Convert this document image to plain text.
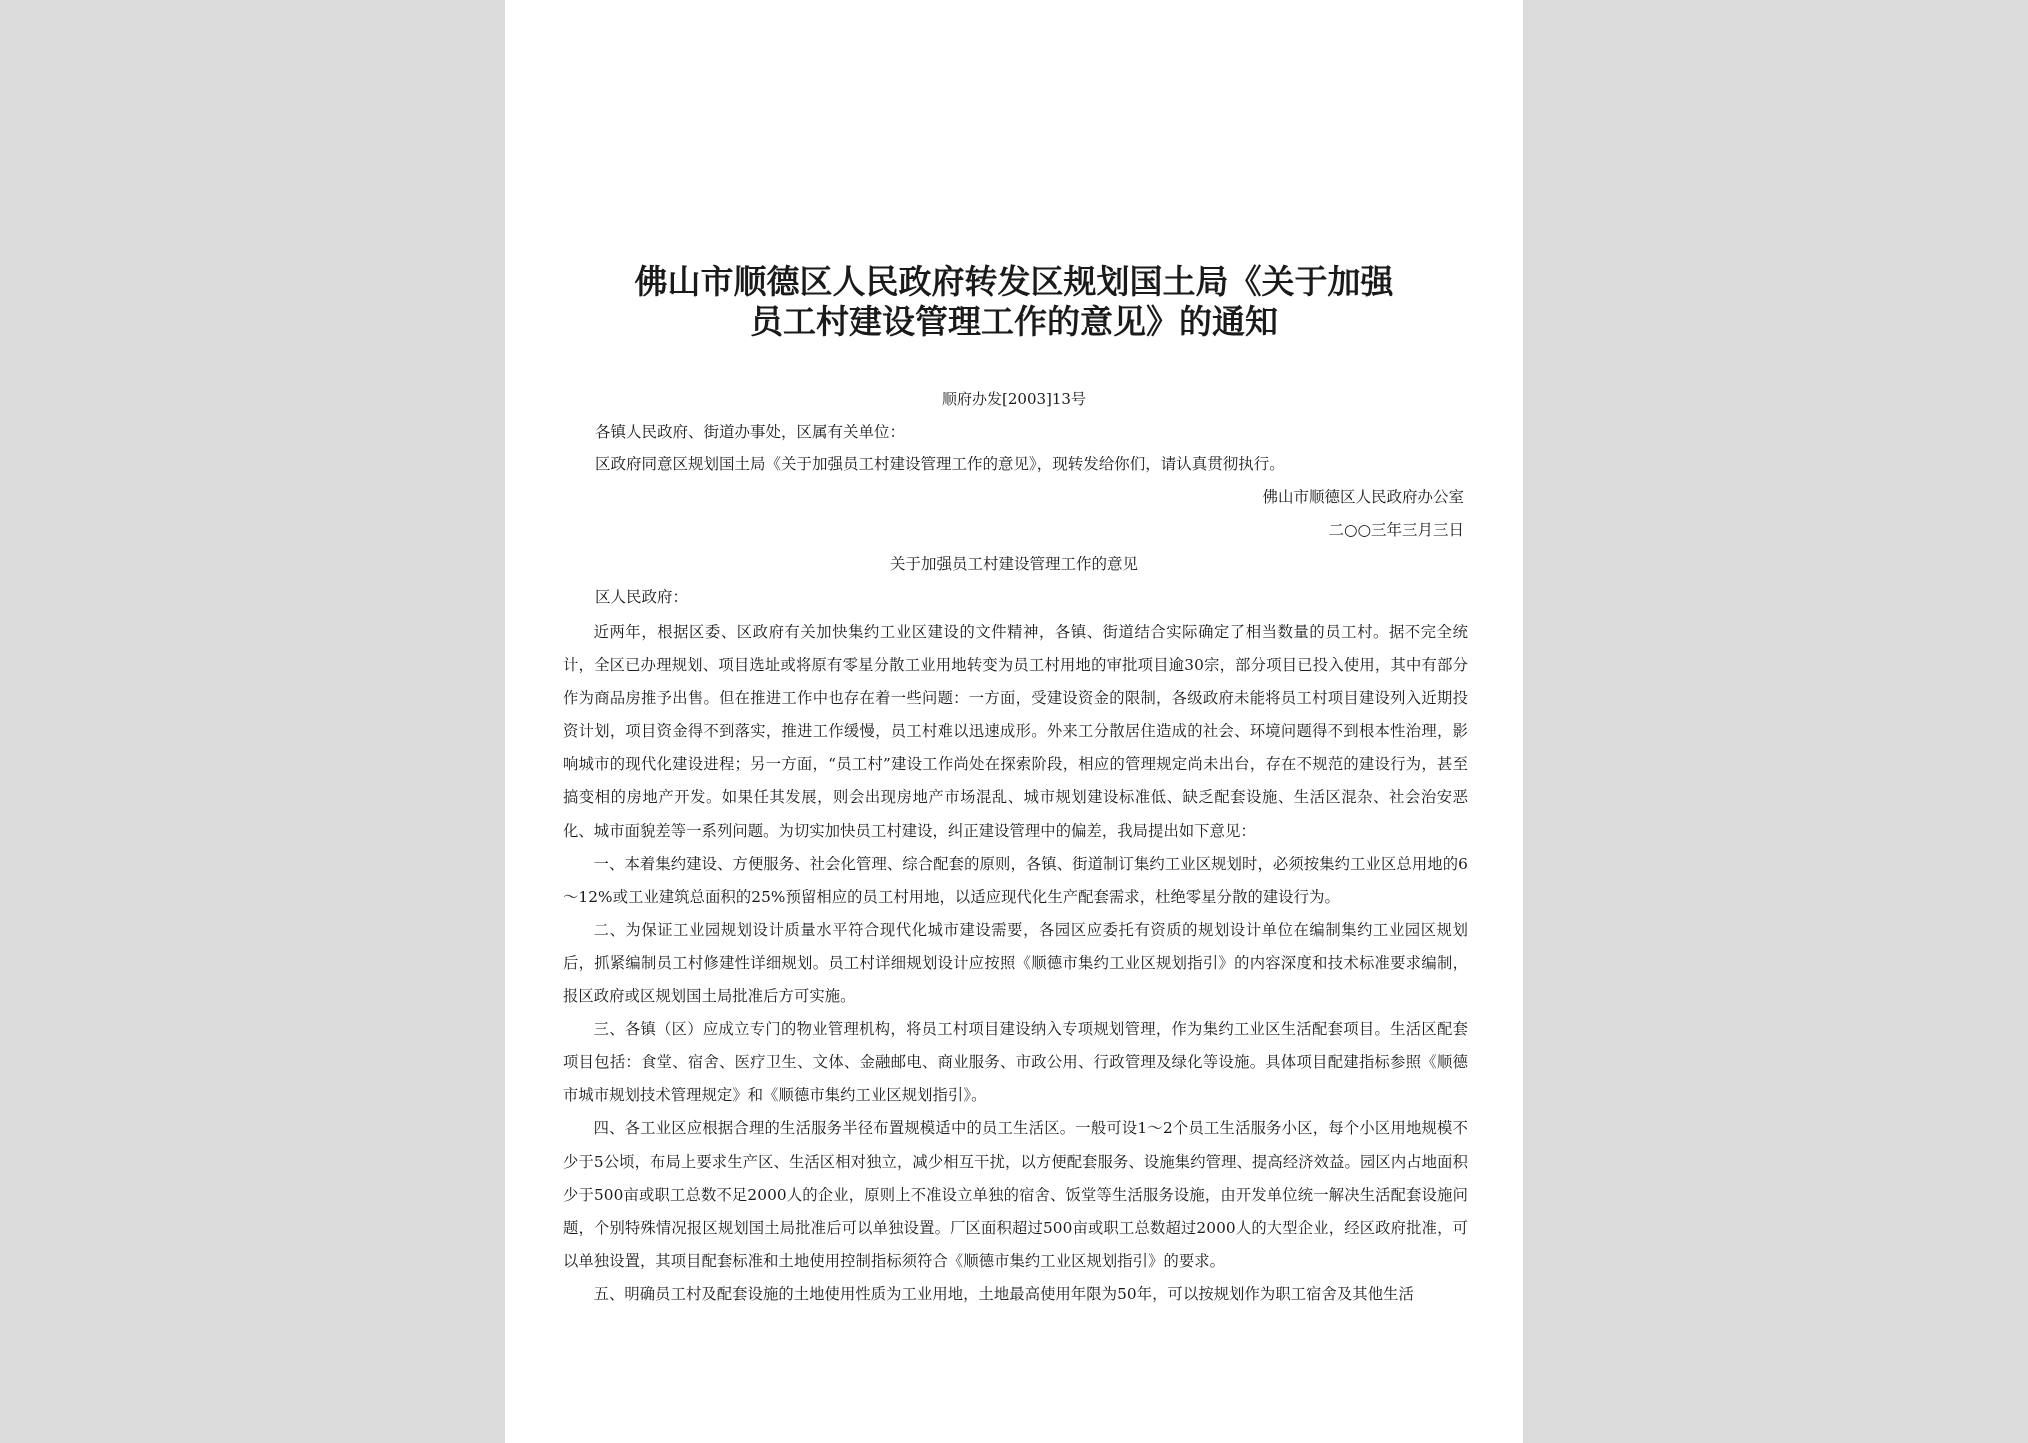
佛山市顺德区人民政府转发区规划国土局《关于加强
员工村建设管理工作的意见》的通知
顺府办发[2003]13号
各镇人民政府、街道办事处，区属有关单位：
区政府同意区规划国土局《关于加强员工村建设管理工作的意见》，现转发给你们，请认真贯彻执行。
佛山市顺德区人民政府办公室
二○○三年三月三日
关于加强员工村建设管理工作的意见
区人民政府：

近两年，根据区委、区政府有关加快集约工业区建设的文件精神，各镇、街道结合实际确定了相当数量的员工村。据不完全统计，全区已办理规划、项目选址或将原有零星分散工业用地转变为员工村用地的审批项目逾30宗，部分项目已投入使用，其中有部分作为商品房推予出售。但在推进工作中也存在着一些问题：一方面，受建设资金的限制，各级政府未能将员工村项目建设列入近期投资计划，项目资金得不到落实，推进工作缓慢，员工村难以迅速成形。外来工分散居住造成的社会、环境问题得不到根本性治理，影响城市的现代化建设进程；另一方面，“员工村”建设工作尚处在探索阶段，相应的管理规定尚未出台，存在不规范的建设行为，甚至搞变相的房地产开发。如果任其发展，则会出现房地产市场混乱、城市规划建设标准低、缺乏配套设施、生活区混杂、社会治安恶化、城市面貌差等一系列问题。为切实加快员工村建设，纠正建设管理中的偏差，我局提出如下意见：

一、本着集约建设、方便服务、社会化管理、综合配套的原则，各镇、街道制订集约工业区规划时，必须按集约工业区总用地的6～12%或工业建筑总面积的25%预留相应的员工村用地，以适应现代化生产配套需求，杜绝零星分散的建设行为。

二、为保证工业园规划设计质量水平符合现代化城市建设需要，各园区应委托有资质的规划设计单位在编制集约工业园区规划后，抓紧编制员工村修建性详细规划。员工村详细规划设计应按照《顺德市集约工业区规划指引》的内容深度和技术标准要求编制，报区政府或区规划国土局批准后方可实施。

三、各镇（区）应成立专门的物业管理机构，将员工村项目建设纳入专项规划管理，作为集约工业区生活配套项目。生活区配套项目包括：食堂、宿舍、医疗卫生、文体、金融邮电、商业服务、市政公用、行政管理及绿化等设施。具体项目配建指标参照《顺德市城市规划技术管理规定》和《顺德市集约工业区规划指引》。

四、各工业区应根据合理的生活服务半径布置规模适中的员工生活区。一般可设1～2个员工生活服务小区，每个小区用地规模不少于5公顷，布局上要求生产区、生活区相对独立，减少相互干扰，以方便配套服务、设施集约管理、提高经济效益。园区内占地面积少于500亩或职工总数不足2000人的企业，原则上不准设立单独的宿舍、饭堂等生活服务设施，由开发单位统一解决生活配套设施问题，个别特殊情况报区规划国土局批准后可以单独设置。厂区面积超过500亩或职工总数超过2000人的大型企业，经区政府批准，可以单独设置，其项目配套标准和土地使用控制指标须符合《顺德市集约工业区规划指引》的要求。

五、明确员工村及配套设施的土地使用性质为工业用地，土地最高使用年限为50年，可以按规划作为职工宿舍及其他生活
